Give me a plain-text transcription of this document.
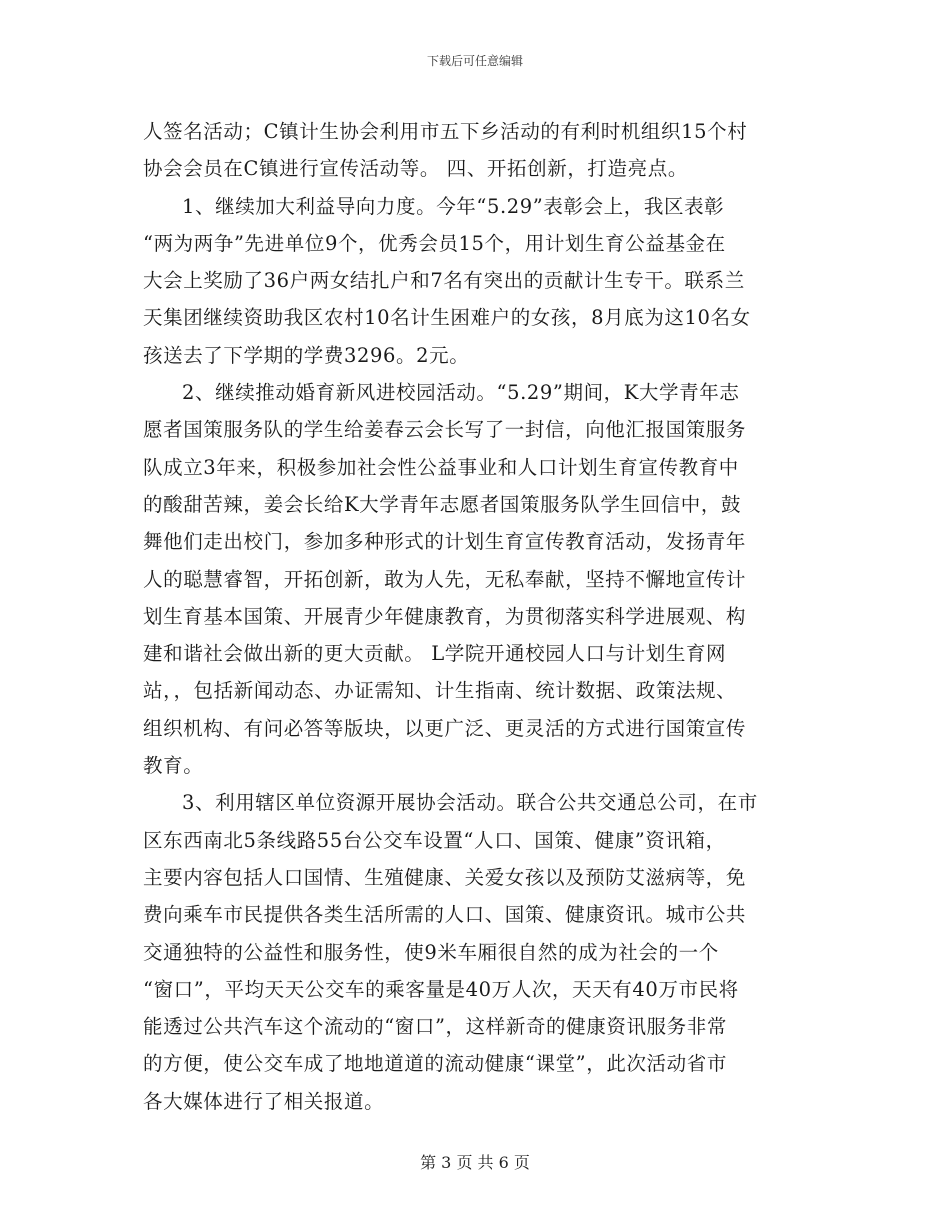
下载后可任意编辑
人签名活动；C镇计生协会利用市五下乡活动的有利时机组织15个村
协会会员在C镇进行宣传活动等。 四、开拓创新，打造亮点。
1、继续加大利益导向力度。今年“5.29”表彰会上，我区表彰
“两为两争”先进单位9个，优秀会员15个，用计划生育公益基金在
大会上奖励了36户两女结扎户和7名有突出的贡献计生专干。联系兰
天集团继续资助我区农村10名计生困难户的女孩，8月底为这10名女
孩送去了下学期的学费3296。2元。
2、继续推动婚育新风进校园活动。“5.29”期间，K大学青年志
愿者国策服务队的学生给姜春云会长写了一封信，向他汇报国策服务
队成立3年来，积极参加社会性公益事业和人口计划生育宣传教育中
的酸甜苦辣，姜会长给K大学青年志愿者国策服务队学生回信中，鼓
舞他们走出校门，参加多种形式的计划生育宣传教育活动，发扬青年
人的聪慧睿智，开拓创新，敢为人先，无私奉献，坚持不懈地宣传计
划生育基本国策、开展青少年健康教育，为贯彻落实科学进展观、构
建和谐社会做出新的更大贡献。 L学院开通校园人口与计划生育网
站，，包括新闻动态、办证需知、计生指南、统计数据、政策法规、
组织机构、有问必答等版块，以更广泛、更灵活的方式进行国策宣传
教育。
3、利用辖区单位资源开展协会活动。联合公共交通总公司，在市
区东西南北5条线路55台公交车设置“人口、国策、健康”资讯箱，
主要内容包括人口国情、生殖健康、关爱女孩以及预防艾滋病等，免
费向乘车市民提供各类生活所需的人口、国策、健康资讯。城市公共
交通独特的公益性和服务性，使9米车厢很自然的成为社会的一个
“窗口”，平均天天公交车的乘客量是40万人次，天天有40万市民将
能透过公共汽车这个流动的“窗口”，这样新奇的健康资讯服务非常
的方便，使公交车成了地地道道的流动健康“课堂”，此次活动省市
各大媒体进行了相关报道。
第 3 页 共 6 页
